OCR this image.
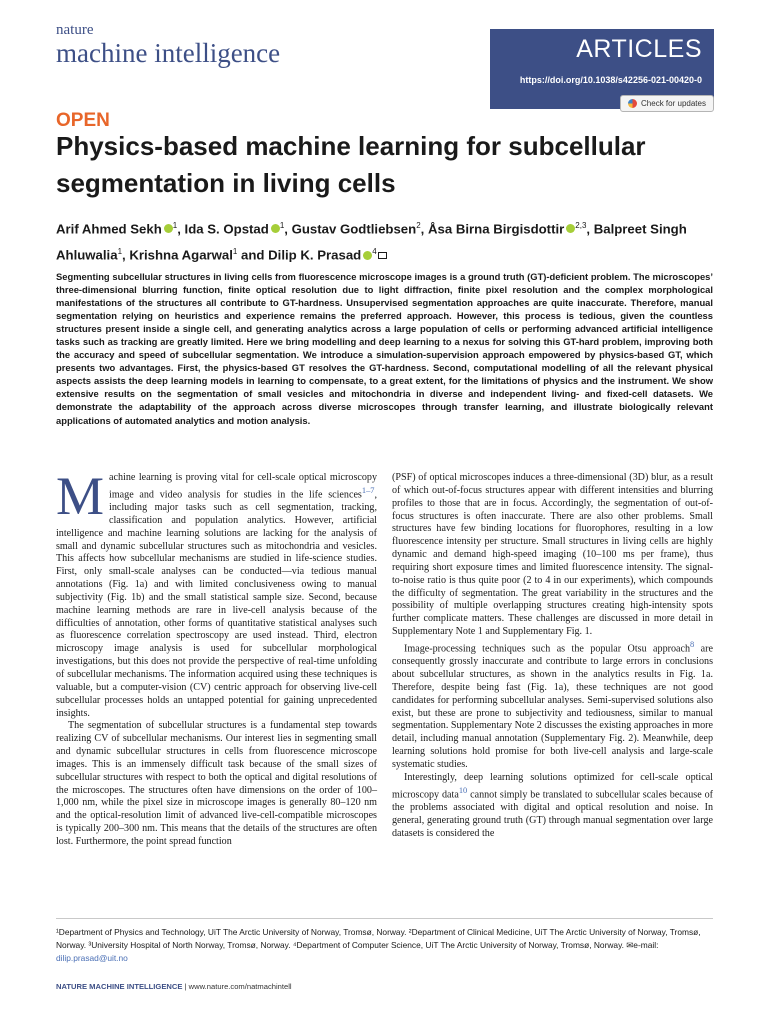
nature
machine intelligence	ARTICLES
https://doi.org/10.1038/s42256-021-00420-0
Check for updates
OPEN
Physics-based machine learning for subcellular segmentation in living cells
Arif Ahmed Sekh $^1$, Ida S. Opstad $^1$, Gustav Godtliebsen$^2$, Åsa Birna Birgisdottir $^{2,3}$, Balpreet Singh Ahluwalia$^1$, Krishna Agarwal$^1$ and Dilip K. Prasad $^4$
Segmenting subcellular structures in living cells from fluorescence microscope images is a ground truth (GT)-deficient problem. The microscopes’ three-dimensional blurring function, finite optical resolution due to light diffraction, finite pixel resolution and the complex morphological manifestations of the structures all contribute to GT-hardness. Unsupervised segmentation approaches are quite inaccurate. Therefore, manual segmentation relying on heuristics and experience remains the preferred approach. However, this process is tedious, given the countless structures present inside a single cell, and generating analytics across a large population of cells or performing advanced artificial intelligence tasks such as tracking are greatly limited. Here we bring modelling and deep learning to a nexus for solving this GT-hard problem, improving both the accuracy and speed of subcellular segmentation. We introduce a simulation-supervision approach empowered by physics-based GT, which presents two advantages. First, the physics-based GT resolves the GT-hardness. Second, computational modelling of all the relevant physical aspects assists the deep learning models in learning to compensate, to a great extent, for the limitations of physics and the instrument. We show extensive results on the segmentation of small vesicles and mitochondria in diverse and independent living- and fixed-cell datasets. We demonstrate the adaptability of the approach across diverse microscopes through transfer learning, and illustrate biologically relevant applications of automated analytics and motion analysis.

Machine learning is proving vital for cell-scale optical microscopy image and video analysis for studies in the life sciences$^{1-7}$, including major tasks such as cell segmentation, tracking, classification and population analytics. However, artificial intelligence and machine learning solutions are lacking for the analysis of small and dynamic subcellular structures such as mitochondria and vesicles. This affects how subcellular mechanisms are studied in life-science studies. First, only small-scale analyses can be conducted—via tedious manual annotations (Fig. 1a) and with limited conclusiveness owing to manual subjectivity (Fig. 1b) and the small statistical sample size. Second, because machine learning methods are rare in live-cell analysis because of the difficulties of annotation, other forms of quantitative statistical analyses such as fluorescence correlation spectroscopy are used instead. Third, electron microscopy image analysis is used for subcellular morphological investigations, but this does not provide the perspective of real-time unfolding of subcellular mechanisms. The information acquired using these techniques is valuable, but a computer-vision (CV) centric approach for observing live-cell subcellular processes holds an untapped potential for gaining unprecedented insights.

The segmentation of subcellular structures is a fundamental step towards realizing CV of subcellular mechanisms. Our interest lies in segmenting small and dynamic subcellular structures in cells from fluorescence microscope images. This is an immensely difficult task because of the small sizes of subcellular structures with respect to both the optical and digital resolutions of the microscopes. The structures often have dimensions on the order of 100–1,000 nm, while the pixel size in microscope images is generally 80–120 nm and the optical-resolution limit of advanced live-cell-compatible microscopes is typically 200–300 nm. This means that the details of the structures are often lost. Furthermore, the point spread function

(PSF) of optical microscopes induces a three-dimensional (3D) blur, as a result of which out-of-focus structures appear with different intensities and blurring profiles to those that are in focus. Accordingly, the segmentation of out-of-focus structures is often inaccurate. There are also other problems. Small structures have few binding locations for fluorophores, resulting in a low fluorescence intensity per structure. Small structures in living cells are highly dynamic and demand high-speed imaging (10–100 ms per frame), thus requiring short exposure times and limited fluorescence intensity. The signal-to-noise ratio is thus quite poor (2 to 4 in our experiments), which compounds the difficulty of segmentation. The great variability in the structures and the possibility of multiple overlapping structures creating high-intensity spots further complicate matters. These challenges are discussed in more detail in Supplementary Note 1 and Supplementary Fig. 1.

Image-processing techniques such as the popular Otsu approach$^8$ are consequently grossly inaccurate and contribute to large errors in conclusions about subcellular structures, as shown in the analytics results in Fig. 1a. Therefore, despite being fast (Fig. 1a), these techniques are not good candidates for performing subcellular analyses. Semi-supervised solutions also exist, but these are prone to subjectivity and tediousness, similar to manual segmentation. Supplementary Note 2 discusses the existing approaches in more detail, including manual annotation (Supplementary Fig. 2). Meanwhile, deep learning solutions hold promise for both live-cell analysis and large-scale systematic studies.

Interestingly, deep learning solutions optimized for cell-scale optical microscopy data$^{10}$ cannot simply be translated to subcellular scales because of the problems associated with digital and optical resolution and noise. In general, generating ground truth (GT) through manual segmentation over large datasets is considered the

¹Department of Physics and Technology, UiT The Arctic University of Norway, Tromsø, Norway. ²Department of Clinical Medicine, UiT The Arctic University of Norway, Tromsø, Norway. ³University Hospital of North Norway, Tromsø, Norway. ⁴Department of Computer Science, UiT The Arctic University of Norway, Tromsø, Norway. ✉e-mail: dilip.prasad@uit.no
NATURE MACHINE INTELLIGENCE | www.nature.com/natmachintell
